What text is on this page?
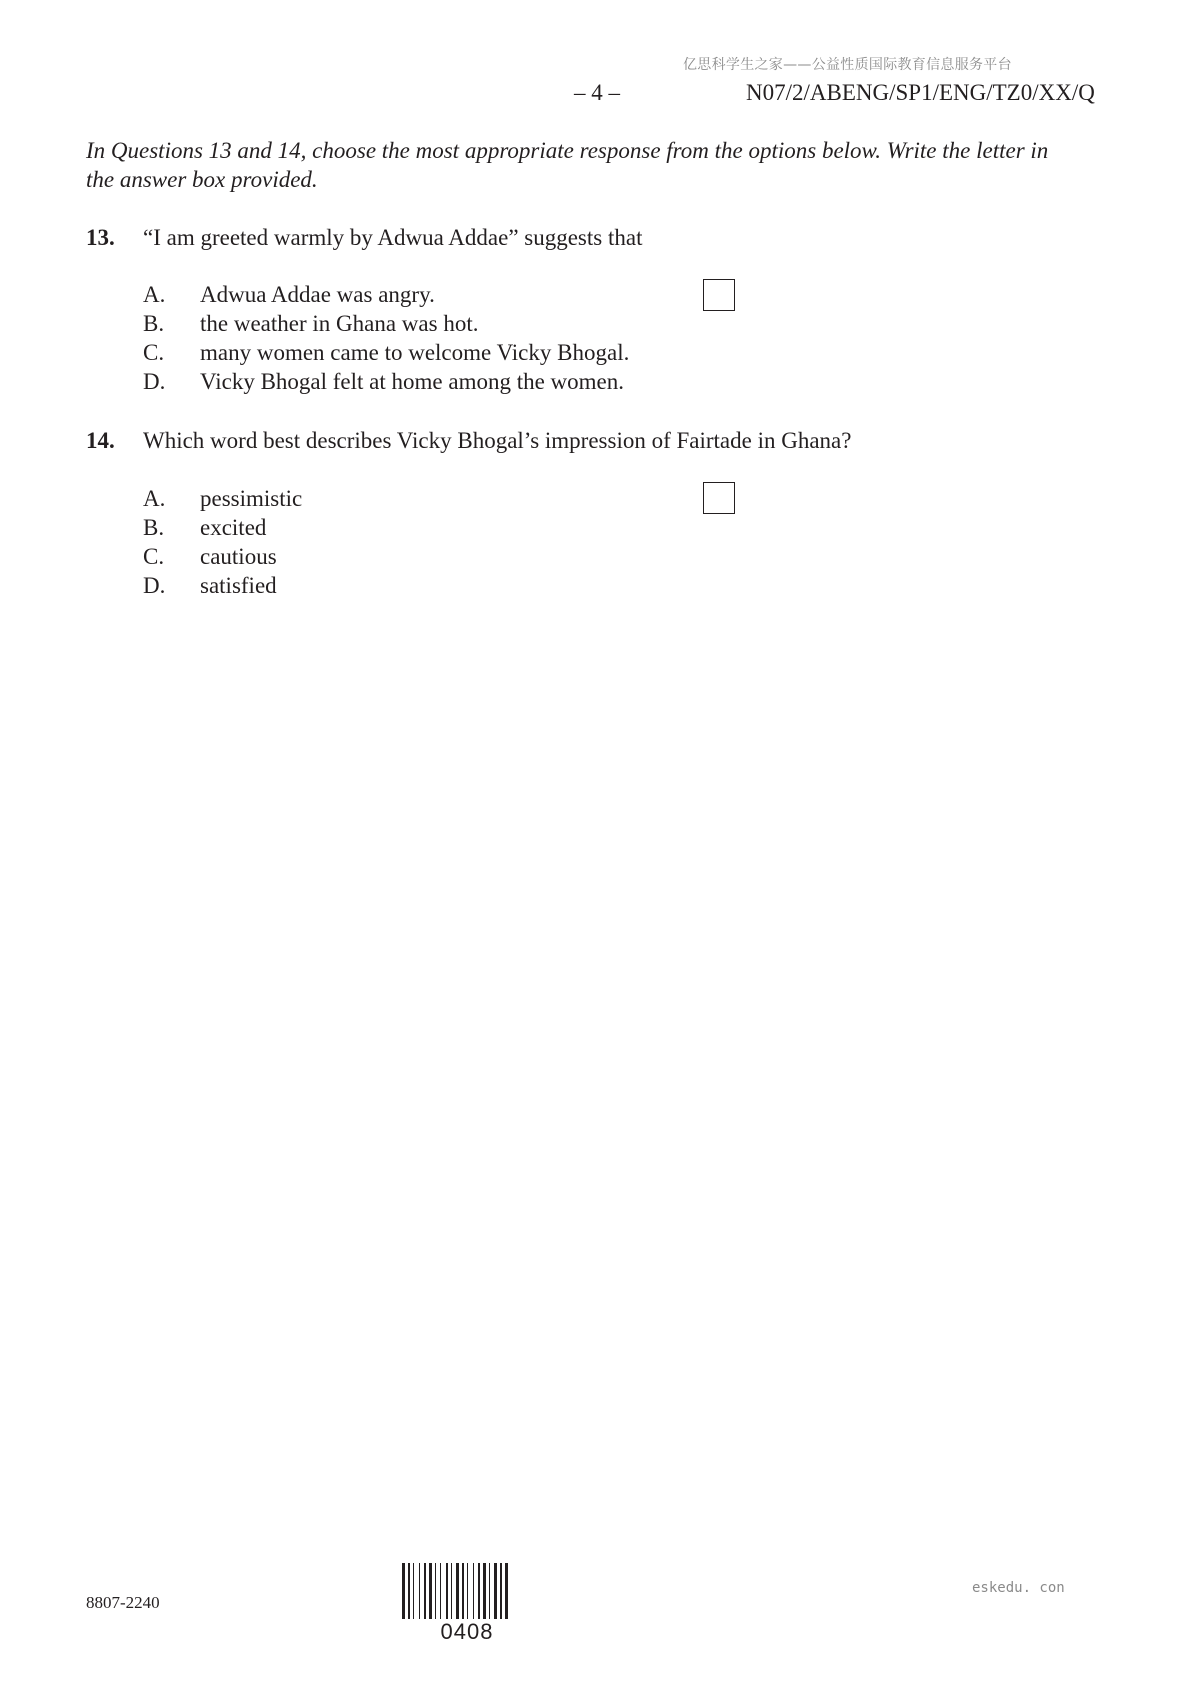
亿思科学生之家——公益性质国际教育信息服务平台
– 4 –	N07/2/ABENG/SP1/ENG/TZ0/XX/Q
In Questions 13 and 14, choose the most appropriate response from the options below. Write the letter in
the answer box provided.
13. “I am greeted warmly by Adwua Addae” suggests that
A. Adwua Addae was angry.
B. the weather in Ghana was hot.
C. many women came to welcome Vicky Bhogal.
D. Vicky Bhogal felt at home among the women.
14. Which word best describes Vicky Bhogal’s impression of Fairtade in Ghana?
A. pessimistic
B. excited
C. cautious
D. satisfied
8807-2240
0408
eskedu. con
